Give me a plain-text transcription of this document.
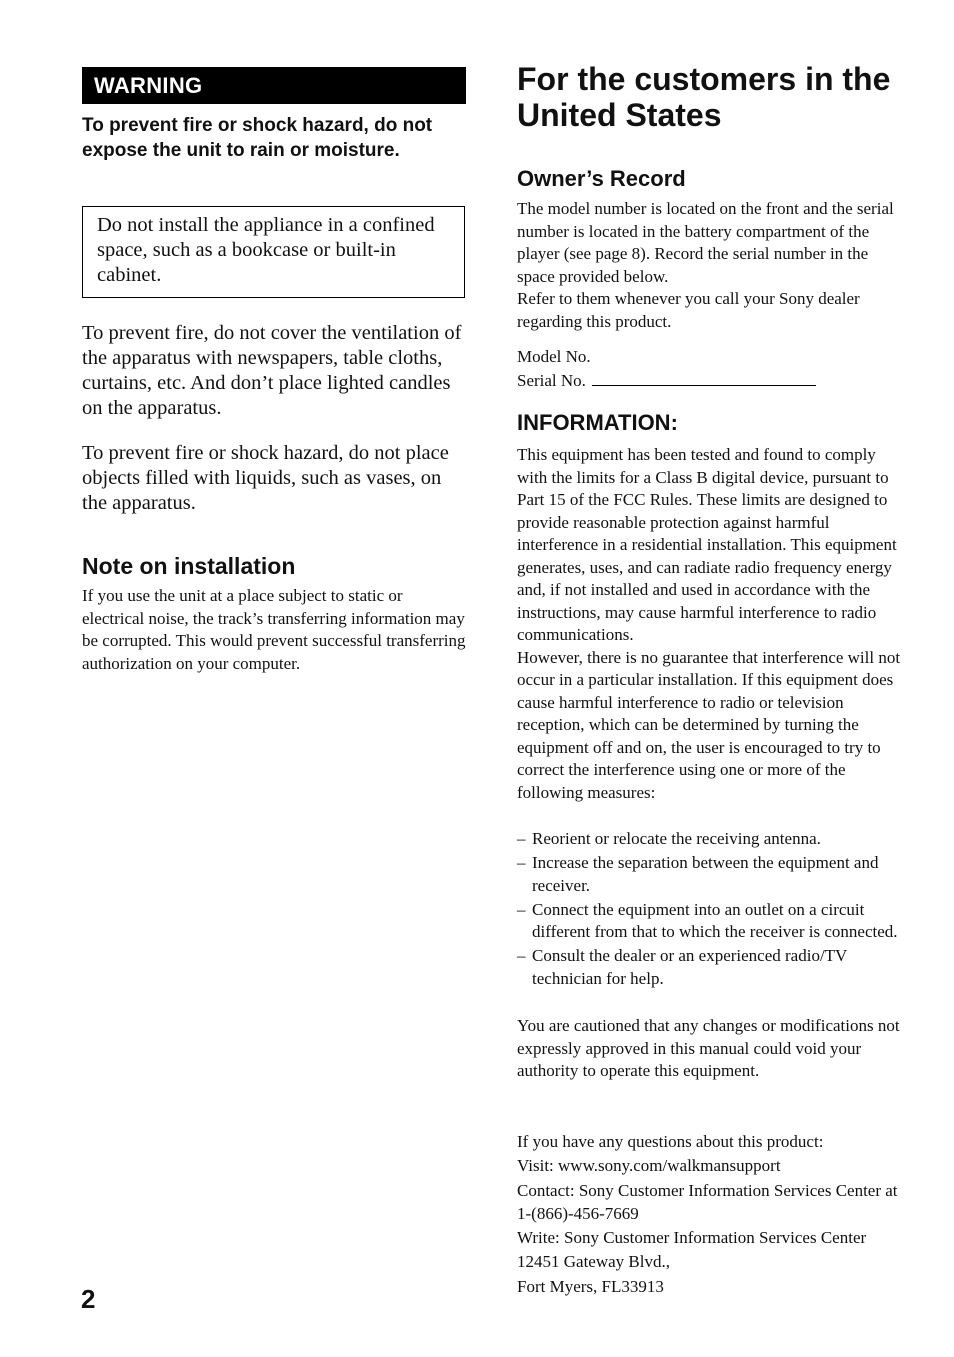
WARNING
To prevent fire or shock hazard, do not expose the unit to rain or moisture.
Do not install the appliance in a confined space, such as a bookcase or built-in cabinet.
To prevent fire, do not cover the ventilation of the apparatus with newspapers, table cloths, curtains, etc. And don’t place lighted candles on the apparatus.
To prevent fire or shock hazard, do not place objects filled with liquids, such as vases, on the apparatus.
Note on installation
If you use the unit at a place subject to static or electrical noise, the track’s transferring information may be corrupted. This would prevent successful transferring authorization on your computer.
2
For the customers in the United States
Owner’s Record
The model number is located on the front and the serial number is located in the battery compartment of the player (see page 8). Record the serial number in the space provided below.
Refer to them whenever you call your Sony dealer regarding this product.
Model No.
Serial No.
INFORMATION:
This equipment has been tested and found to comply with the limits for a Class B digital device, pursuant to Part 15 of the FCC Rules. These limits are designed to provide reasonable protection against harmful interference in a residential installation. This equipment generates, uses, and can radiate radio frequency energy and, if not installed and used in accordance with the instructions, may cause harmful interference to radio communications.
However, there is no guarantee that interference will not occur in a particular installation. If this equipment does cause harmful interference to radio or television reception, which can be determined by turning the equipment off and on, the user is encouraged to try to correct the interference using one or more of the following measures:
– Reorient or relocate the receiving antenna.
– Increase the separation between the equipment and receiver.
– Connect the equipment into an outlet on a circuit different from that to which the receiver is connected.
– Consult the dealer or an experienced radio/TV technician for help.
You are cautioned that any changes or modifications not expressly approved in this manual could void your authority to operate this equipment.
If you have any questions about this product:
Visit: www.sony.com/walkmansupport
Contact: Sony Customer Information Services Center at 1-(866)-456-7669
Write: Sony Customer Information Services Center
12451 Gateway Blvd.,
Fort Myers, FL33913
